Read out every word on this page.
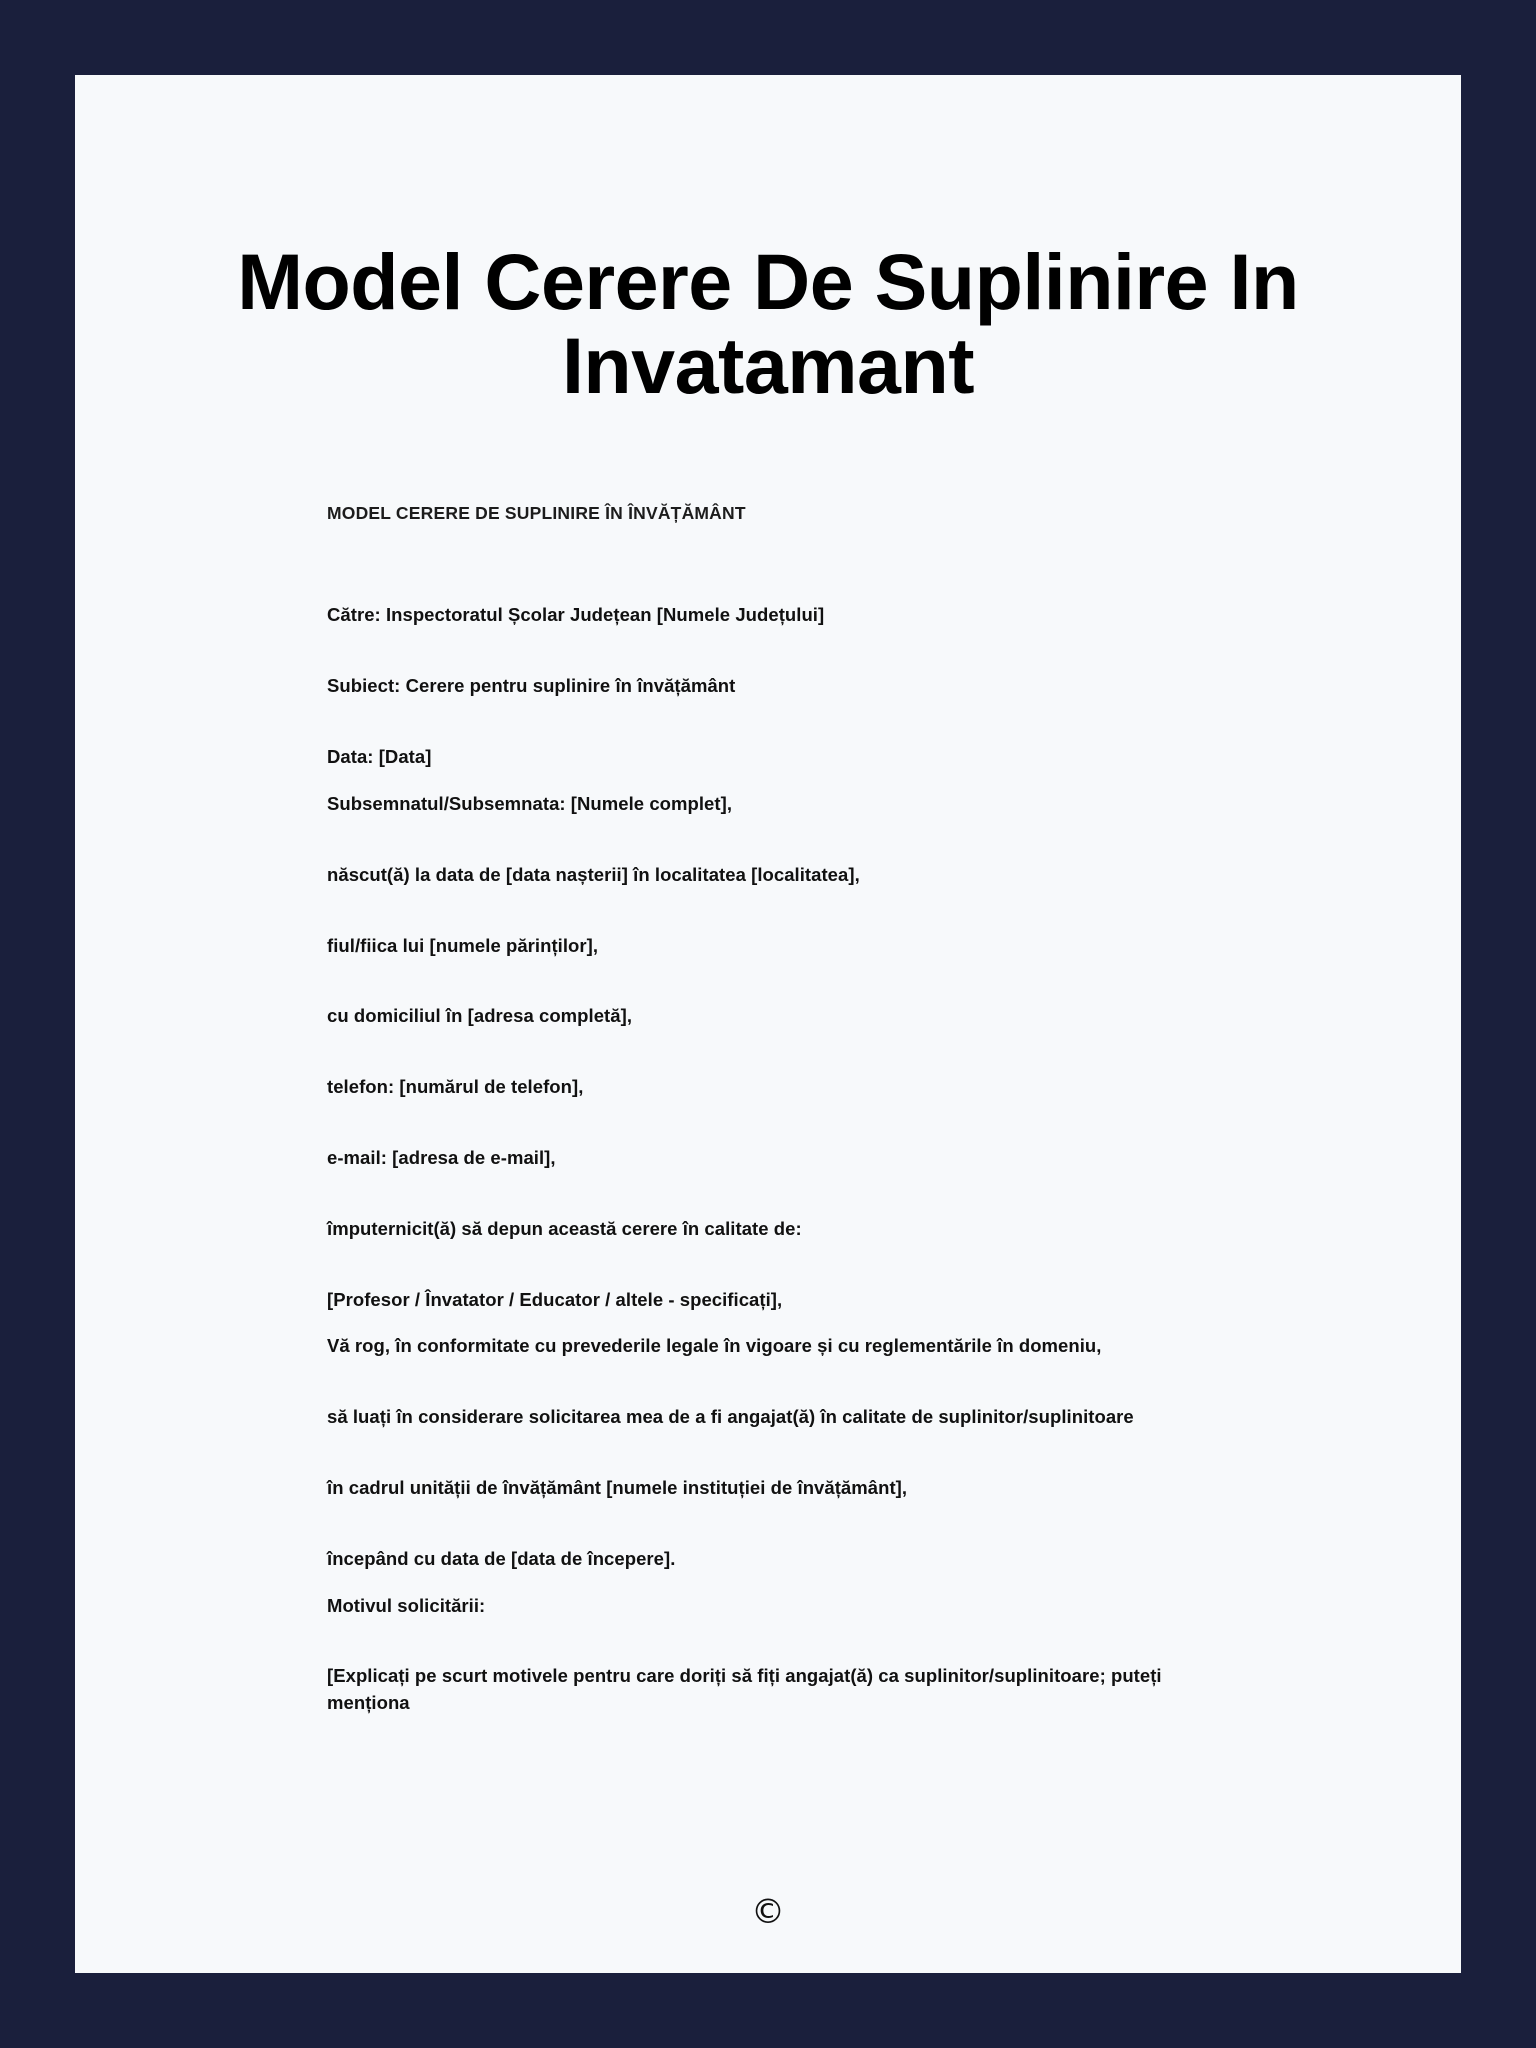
Model Cerere De Suplinire In Invatamant
MODEL CERERE DE SUPLINIRE ÎN ÎNVĂȚĂMÂNT

Către: Inspectoratul Școlar Județean [Numele Județului]

Subiect: Cerere pentru suplinire în învățământ

Data: [Data]

Subsemnatul/Subsemnata: [Numele complet],

născut(ă) la data de [data nașterii] în localitatea [localitatea],

fiul/fiica lui [numele părinților],

cu domiciliul în [adresa completă],

telefon: [numărul de telefon],

e-mail: [adresa de e-mail],

împuternicit(ă) să depun această cerere în calitate de:

[Profesor / Învatator / Educator / altele - specificați],

Vă rog, în conformitate cu prevederile legale în vigoare și cu reglementările în domeniu,

să luați în considerare solicitarea mea de a fi angajat(ă) în calitate de suplinitor/suplinitoare

în cadrul unității de învățământ [numele instituției de învățământ],

începând cu data de [data de începere].

Motivul solicitării:

[Explicați pe scurt motivele pentru care doriți să fiți angajat(ă) ca suplinitor/suplinitoare; puteți menționa

©
